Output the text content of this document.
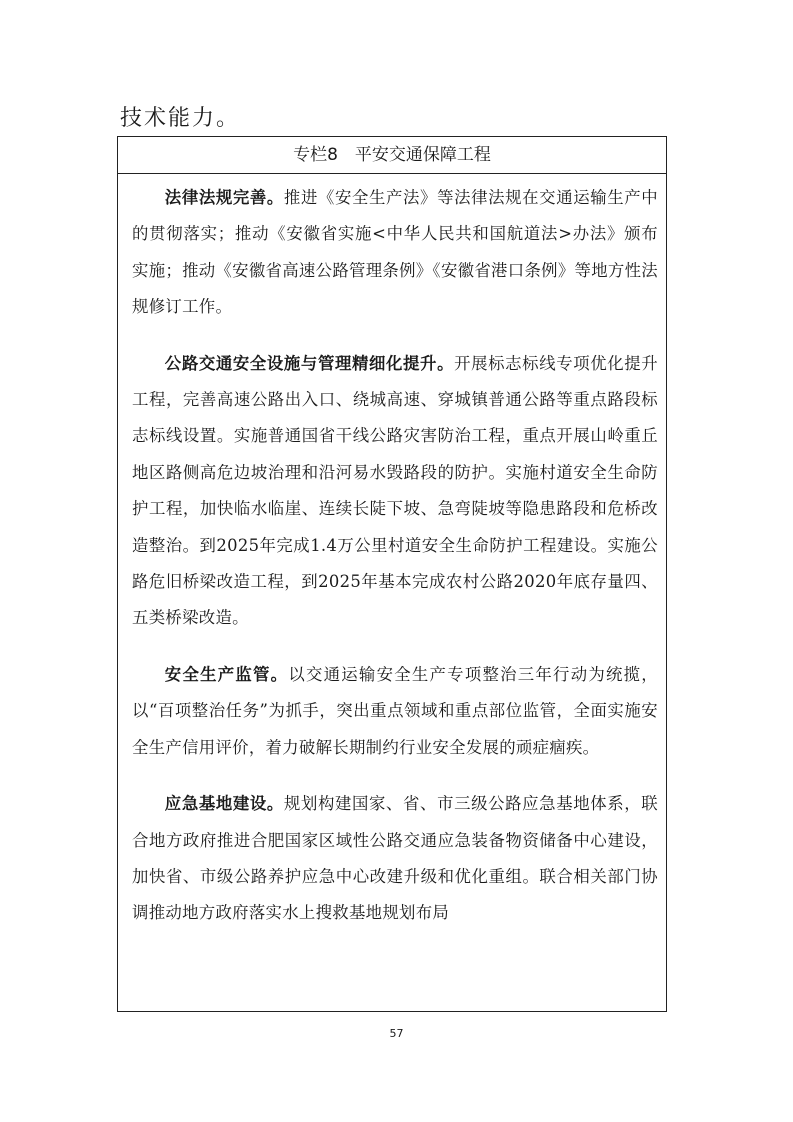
技术能力。
专栏8　平安交通保障工程

法律法规完善。推进《安全生产法》等法律法规在交通运输生产中的贯彻落实；推动《安徽省实施<中华人民共和国航道法>办法》颁布实施；推动《安徽省高速公路管理条例》《安徽省港口条例》等地方性法规修订工作。

公路交通安全设施与管理精细化提升。开展标志标线专项优化提升工程，完善高速公路出入口、绕城高速、穿城镇普通公路等重点路段标志标线设置。实施普通国省干线公路灾害防治工程，重点开展山岭重丘地区路侧高危边坡治理和沿河易水毁路段的防护。实施村道安全生命防护工程，加快临水临崖、连续长陡下坡、急弯陡坡等隐患路段和危桥改造整治。到2025年完成1.4万公里村道安全生命防护工程建设。实施公路危旧桥梁改造工程，到2025年基本完成农村公路2020年底存量四、五类桥梁改造。

安全生产监管。以交通运输安全生产专项整治三年行动为统揽，以“百项整治任务”为抓手，突出重点领域和重点部位监管，全面实施安全生产信用评价，着力破解长期制约行业安全发展的顽症痼疾。

应急基地建设。规划构建国家、省、市三级公路应急基地体系，联合地方政府推进合肥国家区域性公路交通应急装备物资储备中心建设，加快省、市级公路养护应急中心改建升级和优化重组。联合相关部门协调推动地方政府落实水上搜救基地规划布局

57
